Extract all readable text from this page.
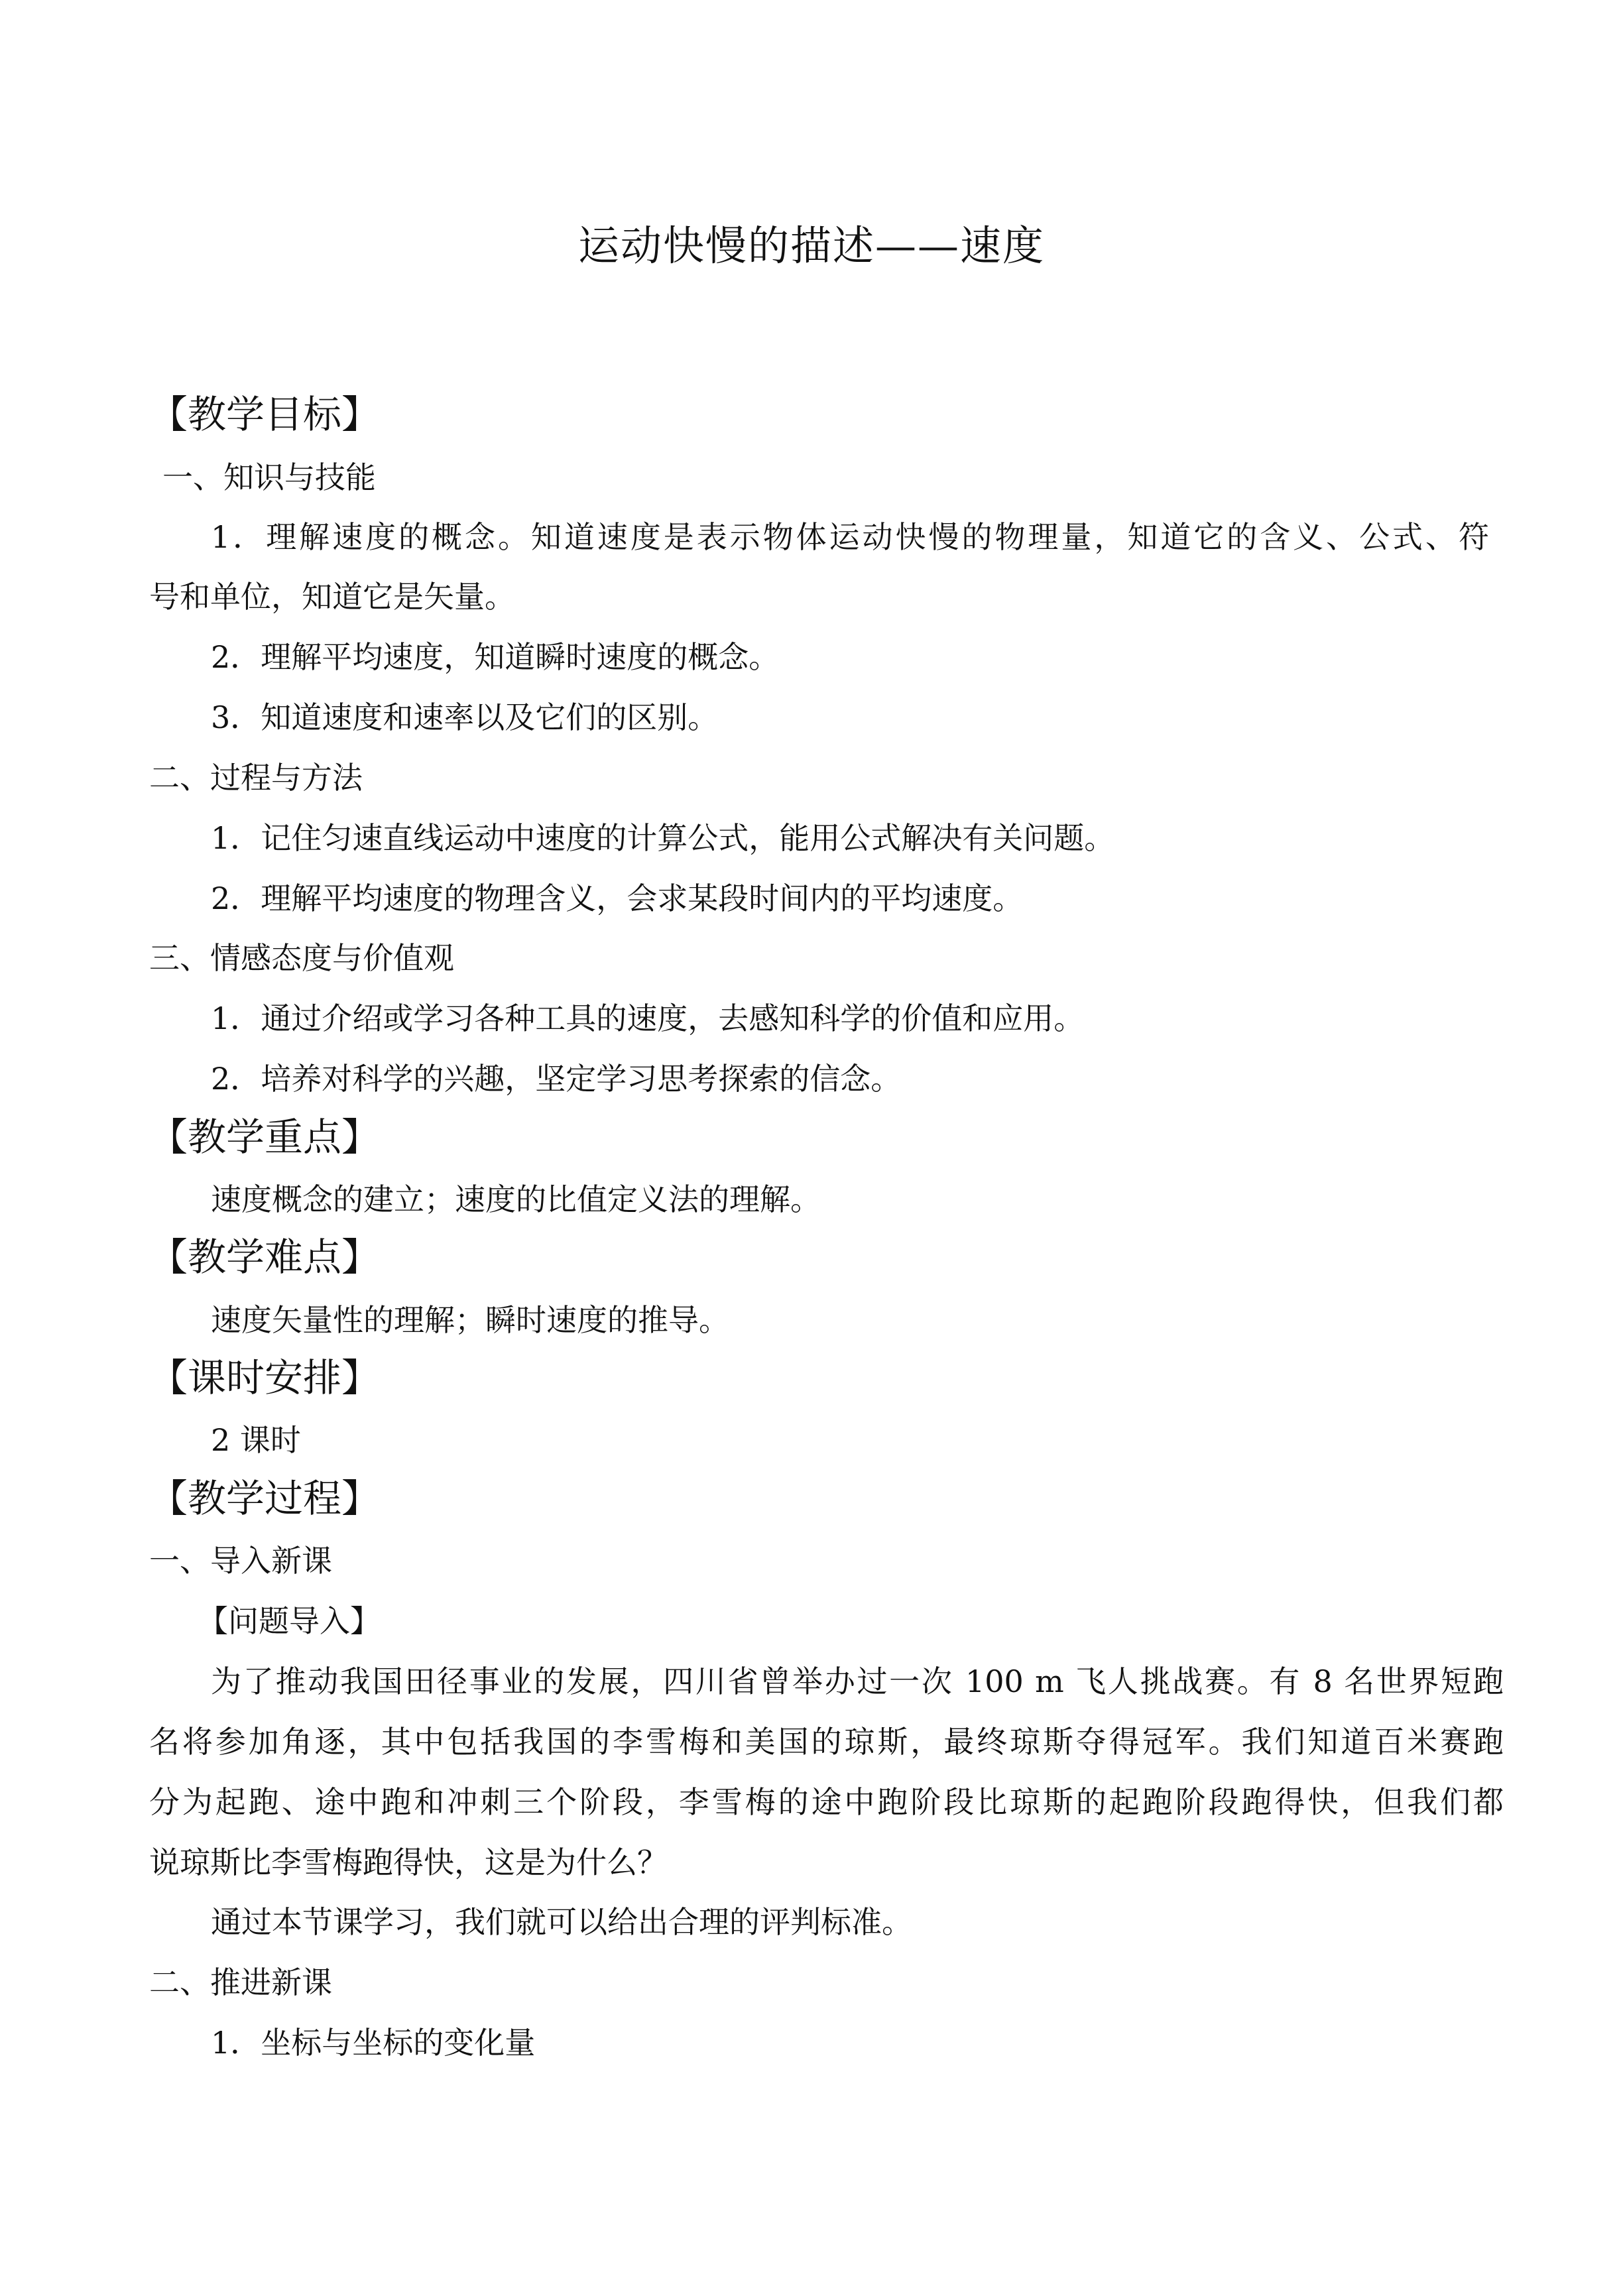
运动快慢的描述——速度
【教学目标】
一、知识与技能
1．理解速度的概念。知道速度是表示物体运动快慢的物理量，知道它的含义、公式、符
号和单位，知道它是矢量。
2．理解平均速度，知道瞬时速度的概念。
3．知道速度和速率以及它们的区别。
二、过程与方法
1．记住匀速直线运动中速度的计算公式，能用公式解决有关问题。
2．理解平均速度的物理含义，会求某段时间内的平均速度。
三、情感态度与价值观
1．通过介绍或学习各种工具的速度，去感知科学的价值和应用。
2．培养对科学的兴趣，坚定学习思考探索的信念。
【教学重点】
速度概念的建立；速度的比值定义法的理解。
【教学难点】
速度矢量性的理解；瞬时速度的推导。
【课时安排】
2 课时
【教学过程】
一、导入新课
【问题导入】
为了推动我国田径事业的发展，四川省曾举办过一次 100 m 飞人挑战赛。有 8 名世界短跑
名将参加角逐，其中包括我国的李雪梅和美国的琼斯，最终琼斯夺得冠军。我们知道百米赛跑
分为起跑、途中跑和冲刺三个阶段，李雪梅的途中跑阶段比琼斯的起跑阶段跑得快，但我们都
说琼斯比李雪梅跑得快，这是为什么？
通过本节课学习，我们就可以给出合理的评判标准。
二、推进新课
1．坐标与坐标的变化量
